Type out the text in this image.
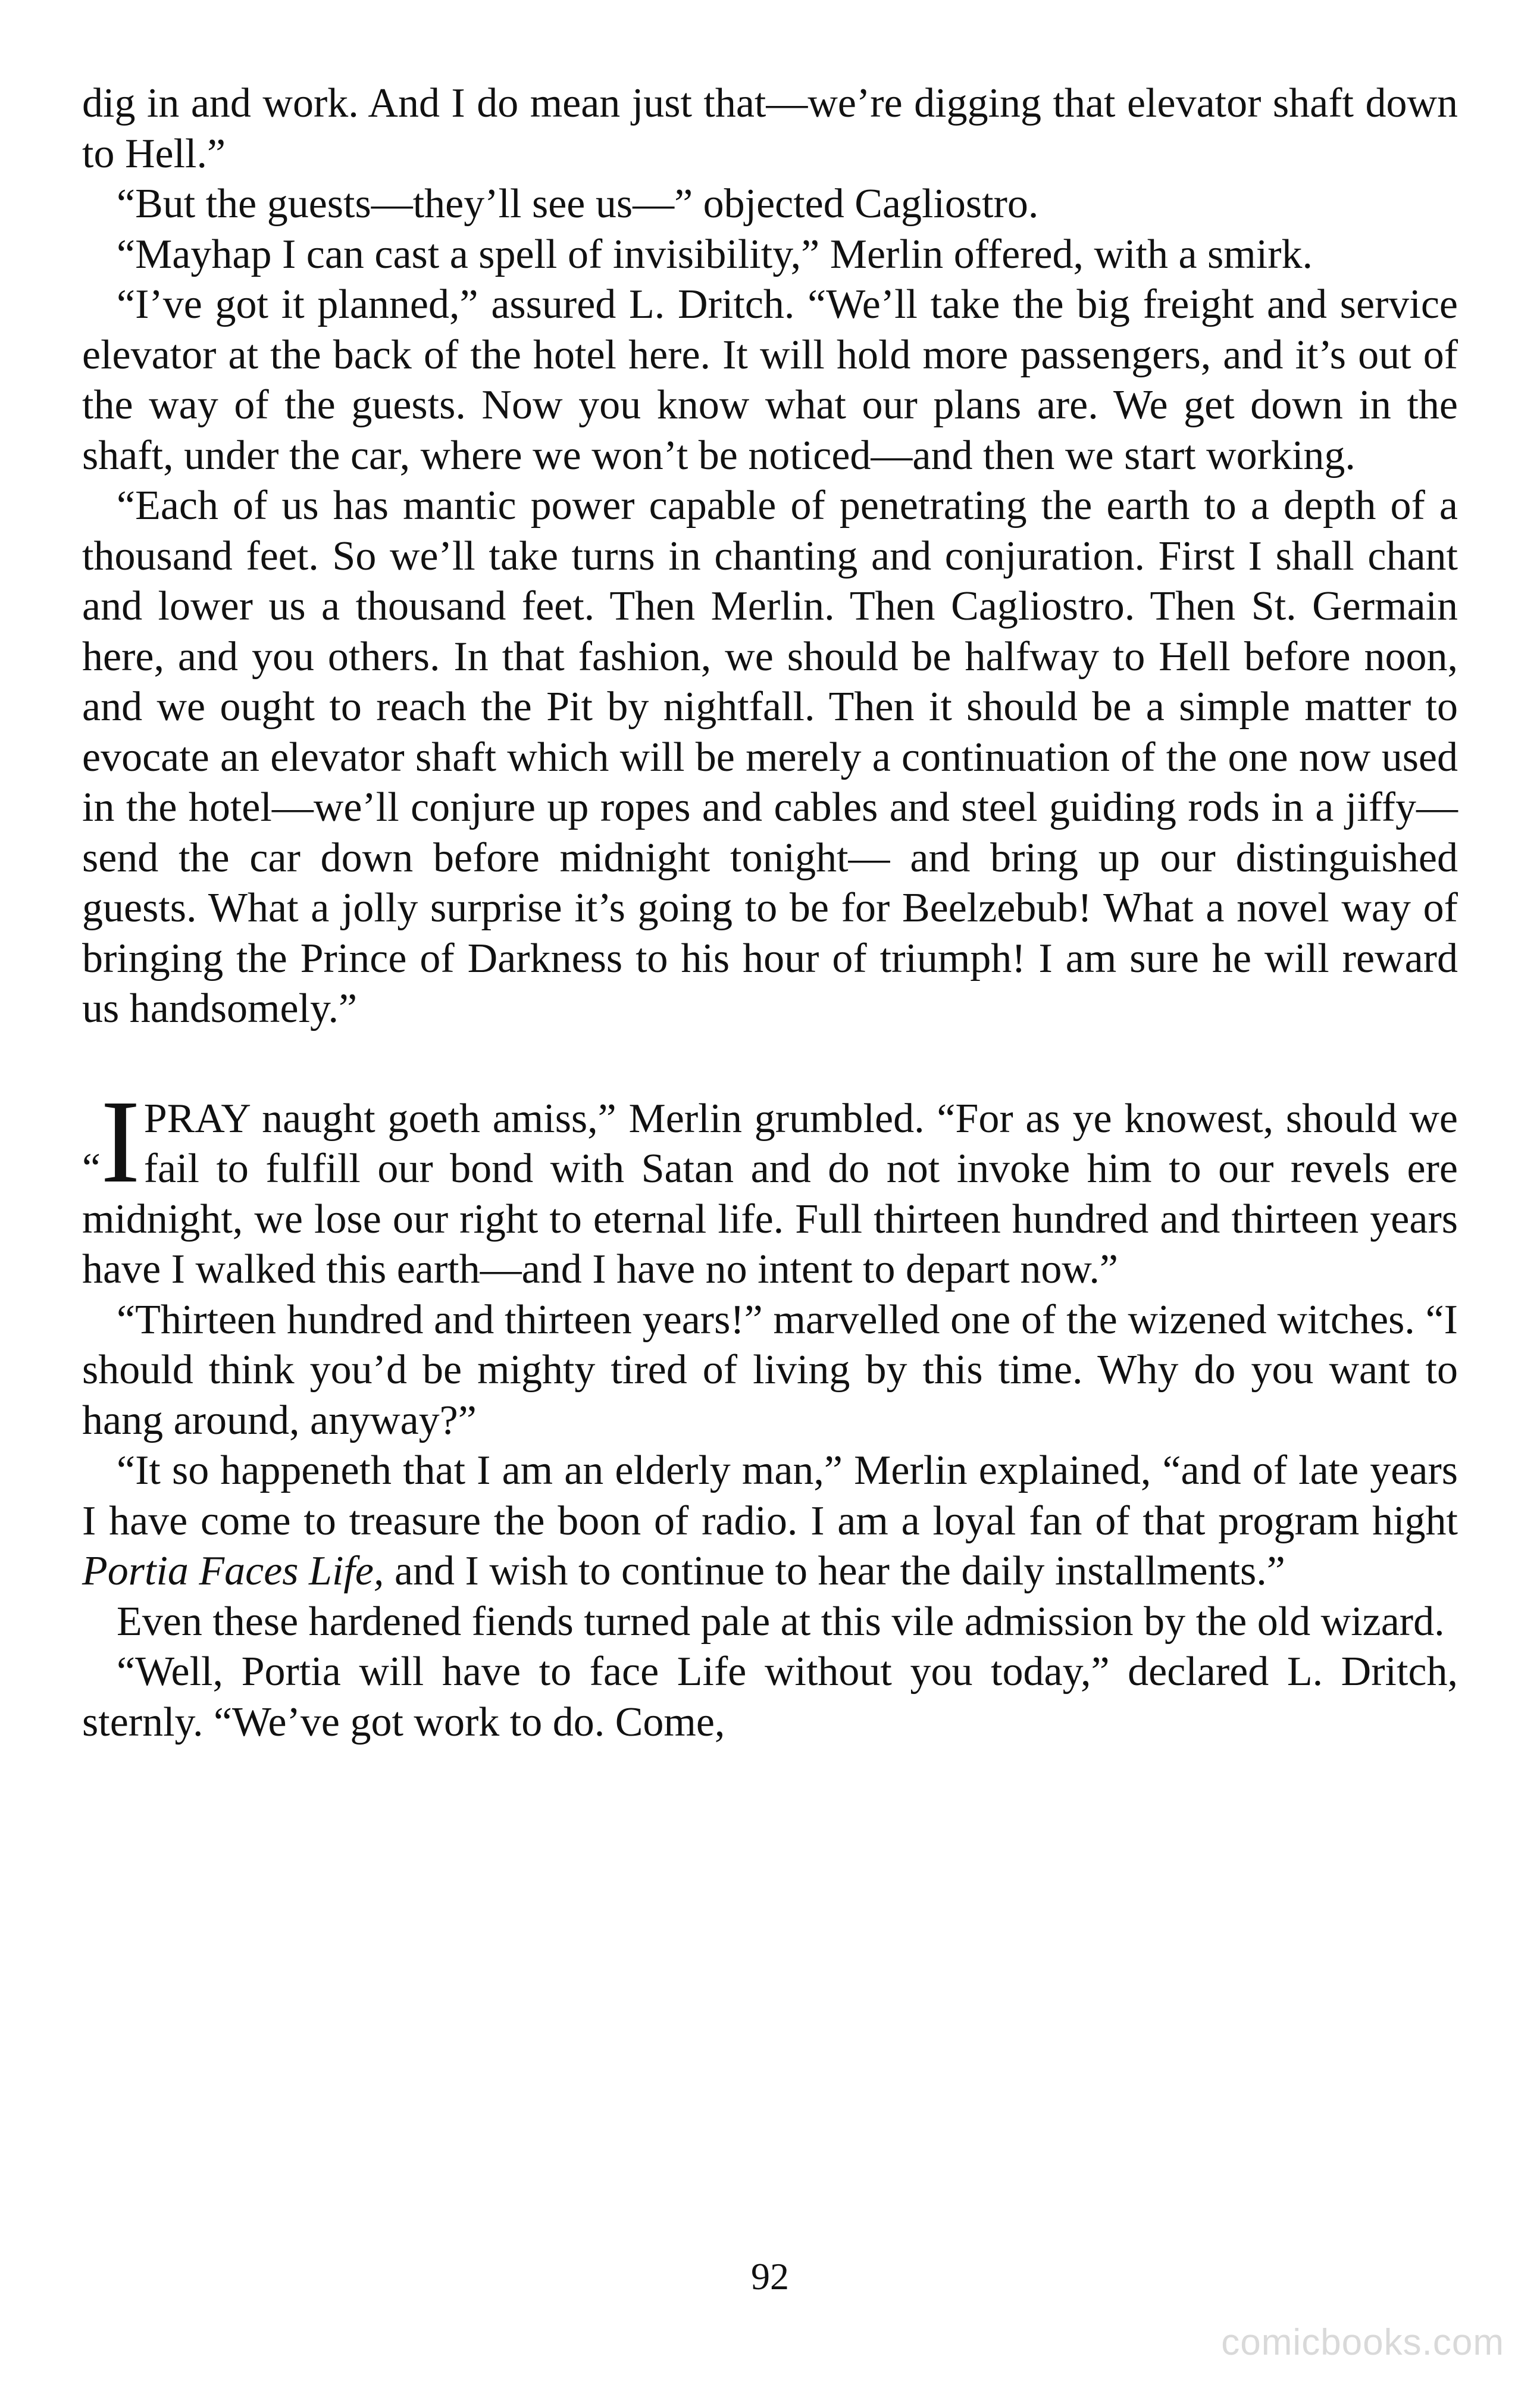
dig in and work. And I do mean just that—we’re digging that elevator shaft down to Hell.”

“But the guests—they’ll see us—” objected Cagliostro.

“Mayhap I can cast a spell of invisibility,” Merlin offered, with a smirk.

“I’ve got it planned,” assured L. Dritch. “We’ll take the big freight and service elevator at the back of the hotel here. It will hold more passengers, and it’s out of the way of the guests. Now you know what our plans are. We get down in the shaft, under the car, where we won’t be noticed—and then we start working.

“Each of us has mantic power capable of penetrating the earth to a depth of a thousand feet. So we’ll take turns in chanting and conjuration. First I shall chant and lower us a thousand feet. Then Merlin. Then Cagliostro. Then St. Germain here, and you others. In that fashion, we should be halfway to Hell before noon, and we ought to reach the Pit by nightfall. Then it should be a simple matter to evocate an elevator shaft which will be merely a continuation of the one now used in the hotel—we’ll conjure up ropes and cables and steel guiding rods in a jiffy—send the car down before midnight tonight— and bring up our distinguished guests. What a jolly surprise it’s going to be for Beelzebub! What a novel way of bringing the Prince of Darkness to his hour of triumph! I am sure he will reward us handsomely.”

“I PRAY naught goeth amiss,” Merlin grumbled. “For as ye knowest, should we fail to fulfill our bond with Satan and do not invoke him to our revels ere midnight, we lose our right to eternal life. Full thirteen hundred and thirteen years have I walked this earth—and I have no intent to depart now.”

“Thirteen hundred and thirteen years!” marvelled one of the wizened witches. “I should think you’d be mighty tired of living by this time. Why do you want to hang around, anyway?”

“It so happeneth that I am an elderly man,” Merlin explained, “and of late years I have come to treasure the boon of radio. I am a loyal fan of that program hight Portia Faces Life, and I wish to continue to hear the daily installments.”

Even these hardened fiends turned pale at this vile admission by the old wizard.

“Well, Portia will have to face Life without you today,” declared L. Dritch, sternly. “We’ve got work to do. Come,

92
comicbooks.com
